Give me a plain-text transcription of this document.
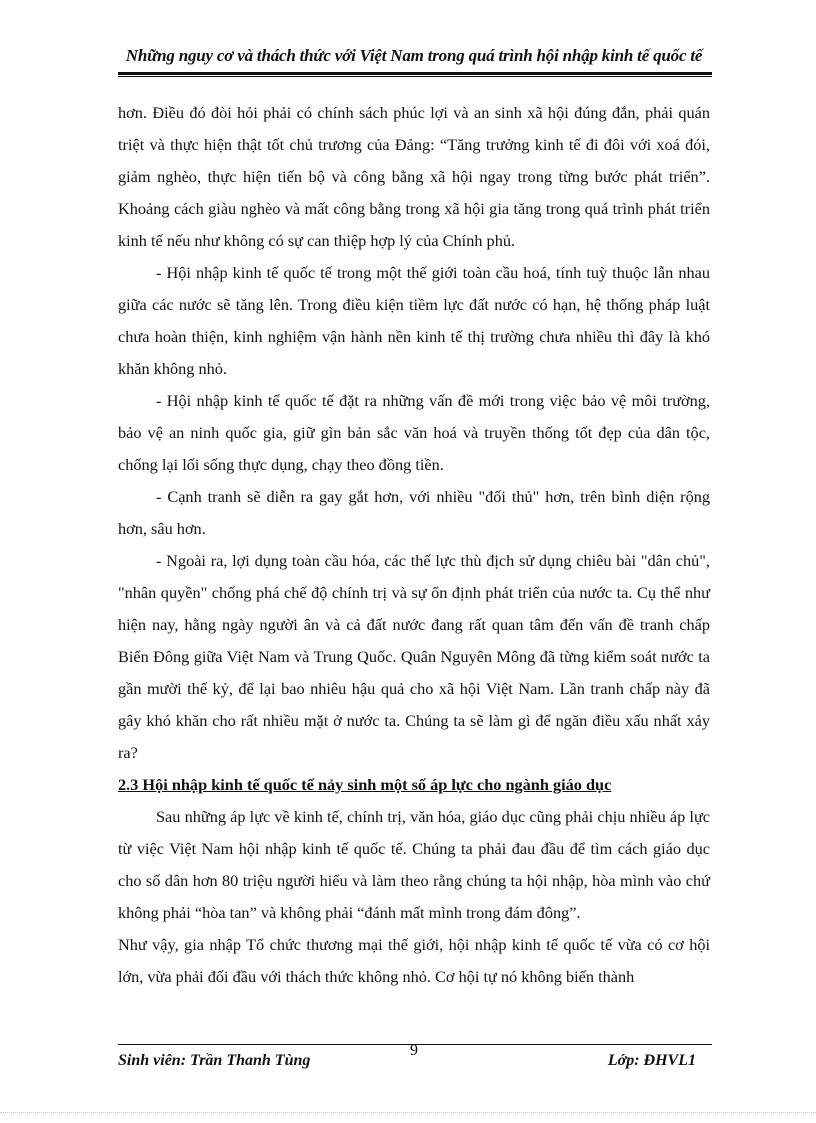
Những nguy cơ và thách thức với Việt Nam trong quá trình hội nhập kinh tế quốc tế

hơn. Điều đó đòi hỏi phải có chính sách phúc lợi và an sinh xã hội đúng đắn, phải quán triệt và thực hiện thật tốt chủ trương của Đảng: “Tăng trưởng kinh tế đi đôi với xoá đói, giảm nghèo, thực hiện tiến bộ và công bằng xã hội ngay trong từng bước phát triển”. Khoảng cách giàu nghèo và mất công bằng trong xã hội gia tăng trong quá trình phát triển kinh tế nếu như không có sự can thiệp hợp lý của Chính phủ.

- Hội nhập kinh tế quốc tế trong một thế giới toàn cầu hoá, tính tuỳ thuộc lẫn nhau giữa các nước sẽ tăng lên. Trong điều kiện tiềm lực đất nước có hạn, hệ thống pháp luật chưa hoàn thiện, kinh nghiệm vận hành nền kinh tế thị trường chưa nhiều thì đây là khó khăn không nhỏ.

- Hội nhập kinh tế quốc tế đặt ra những vấn đề mới trong việc bảo vệ môi trường, bảo vệ an ninh quốc gia, giữ gìn bản sắc văn hoá và truyền thống tốt đẹp của dân tộc, chống lại lối sống thực dụng, chạy theo đồng tiền.

- Cạnh tranh sẽ diễn ra gay gắt hơn, với nhiều "đối thủ" hơn, trên bình diện rộng hơn, sâu hơn.

- Ngoài ra, lợi dụng toàn cầu hóa, các thế lực thù địch sử dụng chiêu bài "dân chủ", "nhân quyền" chống phá chế độ chính trị và sự ổn định phát triển của nước ta. Cụ thể như hiện nay, hằng ngày người ân và cả đất nước đang rất quan tâm đến vấn đề tranh chấp Biển Đông giữa Việt Nam và Trung Quốc. Quân Nguyên Mông đã từng kiểm soát nước ta gần mười thế kỷ, để lại bao nhiêu hậu quả cho xã hội Việt Nam. Lần tranh chấp này đã gây khó khăn cho rất nhiều mặt ở nước ta. Chúng ta sẽ làm gì để ngăn điều xấu nhất xảy ra?

2.3 Hội nhập kinh tế quốc tế nảy sinh một số áp lực cho ngành giáo dục

Sau những áp lực về kinh tế, chính trị, văn hóa, giáo dục cũng phải chịu nhiều áp lực từ việc Việt Nam hội nhập kinh tế quốc tế. Chúng ta phải đau đầu để tìm cách giáo dục cho số dân hơn 80 triệu người hiểu và làm theo rằng chúng ta hội nhập, hòa mình vào chứ không phải “hòa tan” và không phải “đánh mất mình trong đám đông”.

Như vậy, gia nhập Tổ chức thương mại thế giới, hội nhập kinh tế quốc tế vừa có cơ hội lớn, vừa phải đối đầu với thách thức không nhỏ. Cơ hội tự nó không biến thành

Sinh viên: Trần Thanh Tùng
9
Lớp: ĐHVL1
